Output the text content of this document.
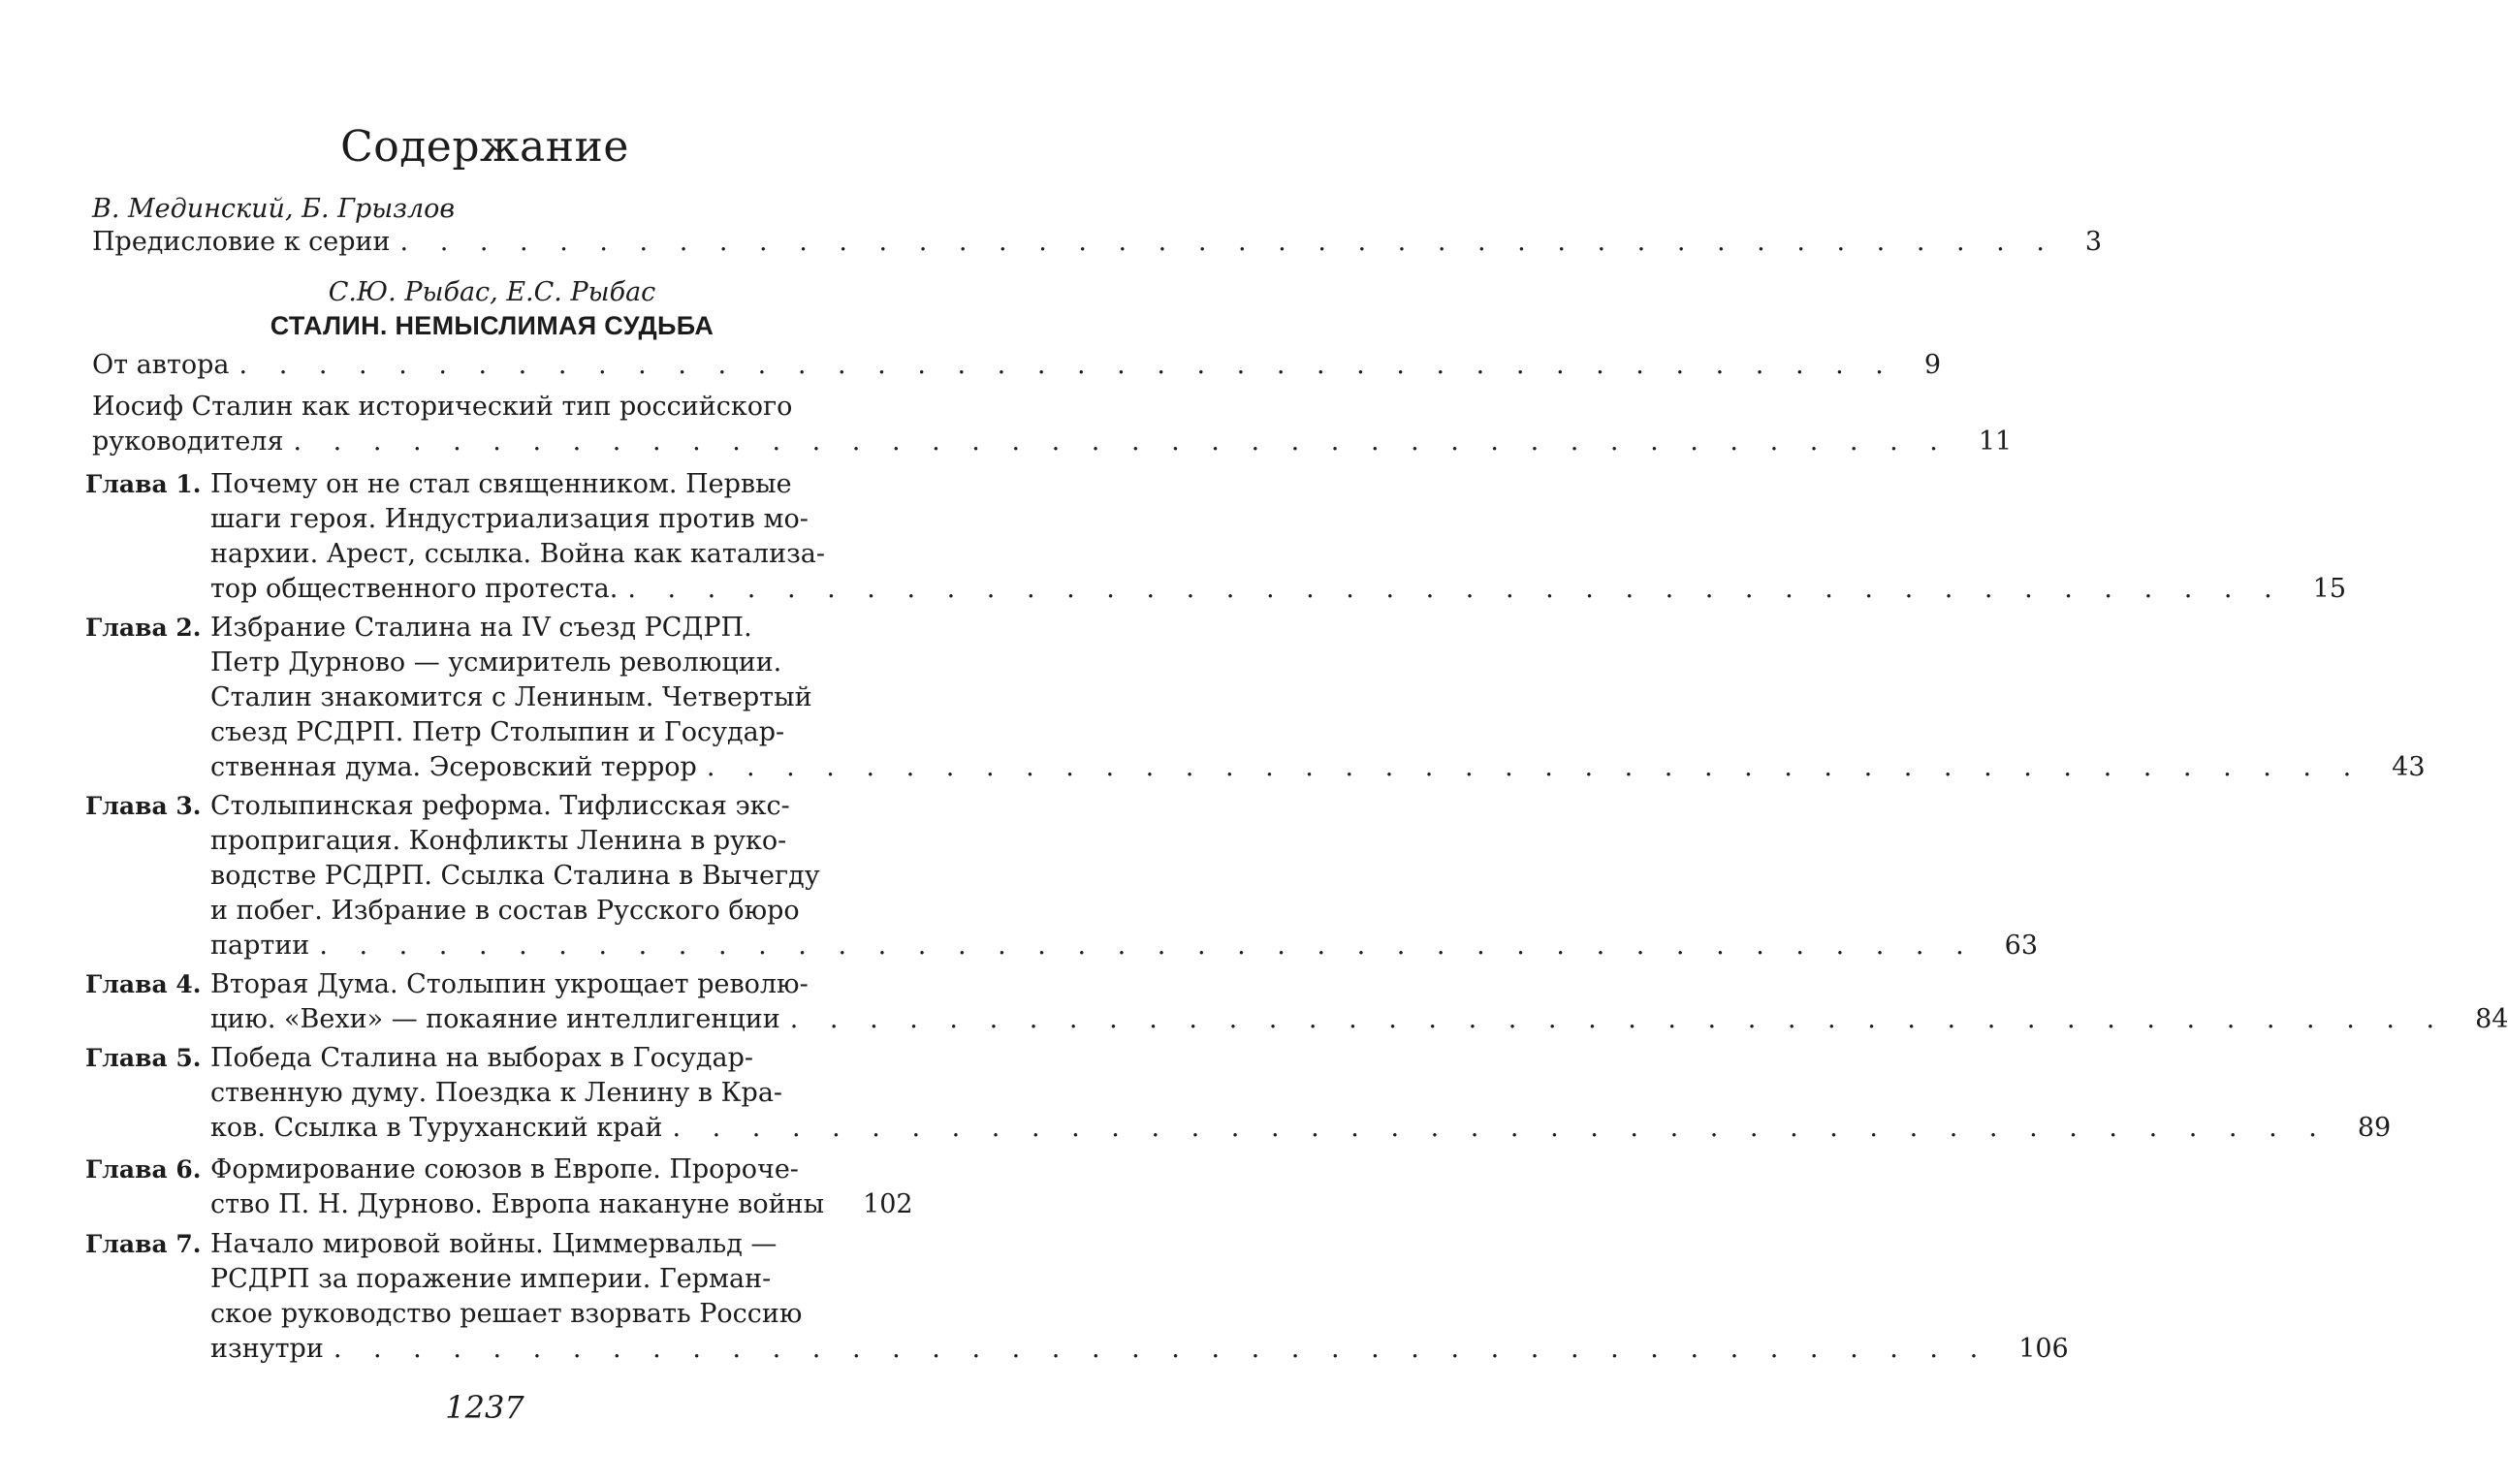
Содержание
В. Мединский, Б. Грызлов
Предисловие к серии . . . . . . . . . . . . . . . . . . . . . . . . . . . . . . . . . . . . . . . . . . 3
С.Ю. Рыбас, Е.С. Рыбас
СТАЛИН. НЕМЫСЛИМАЯ СУДЬБА
От автора . . . . . . . . . . . . . . . . . . . . . . . . . . . . . . . . . . . . . . . . . . 9
Иосиф Сталин как исторический тип российского
руководителя . . . . . . . . . . . . . . . . . . . . . . . . . . . . . . . . . . . . . . . . . . 11
Глава 1. Почему он не стал священником. Первые
шаги героя. Индустриализация против мо-
нархии. Арест, ссылка. Война как катализа-
тор общественного протеста. . . . . . . . . . . . . . . . . . . . . . . . . . . . . . . . . . . . . . . . . . . 15
Глава 2. Избрание Сталина на IV съезд РСДРП.
Петр Дурново — усмиритель революции.
Сталин знакомится с Лениным. Четвертый
съезд РСДРП. Петр Столыпин и Государ-
ственная дума. Эсеровский террор . . . . . . . . . . . . . . . . . . . . . . . . . . . . . . . . . . . . . . . . . . 43
Глава 3. Столыпинская реформа. Тифлисская экс-
пропригация. Конфликты Ленина в руко-
водстве РСДРП. Ссылка Сталина в Вычегду
и побег. Избрание в состав Русского бюро
партии . . . . . . . . . . . . . . . . . . . . . . . . . . . . . . . . . . . . . . . . . . 63
Глава 4. Вторая Дума. Столыпин укрощает револю-
цию. «Вехи» — покаяние интеллигенции . . . . . . . . . . . . . . . . . . . . . . . . . . . . . . . . . . . . . . . . . . 84
Глава 5. Победа Сталина на выборах в Государ-
ственную думу. Поездка к Ленину в Кра-
ков. Ссылка в Туруханский край . . . . . . . . . . . . . . . . . . . . . . . . . . . . . . . . . . . . . . . . . . 89
Глава 6. Формирование союзов в Европе. Пророче-
ство П. Н. Дурново. Европа накануне войны 102
Глава 7. Начало мировой войны. Циммервальд —
РСДРП за поражение империи. Герман-
ское руководство решает взорвать Россию
изнутри . . . . . . . . . . . . . . . . . . . . . . . . . . . . . . . . . . . . . . . . . . 106
1237
